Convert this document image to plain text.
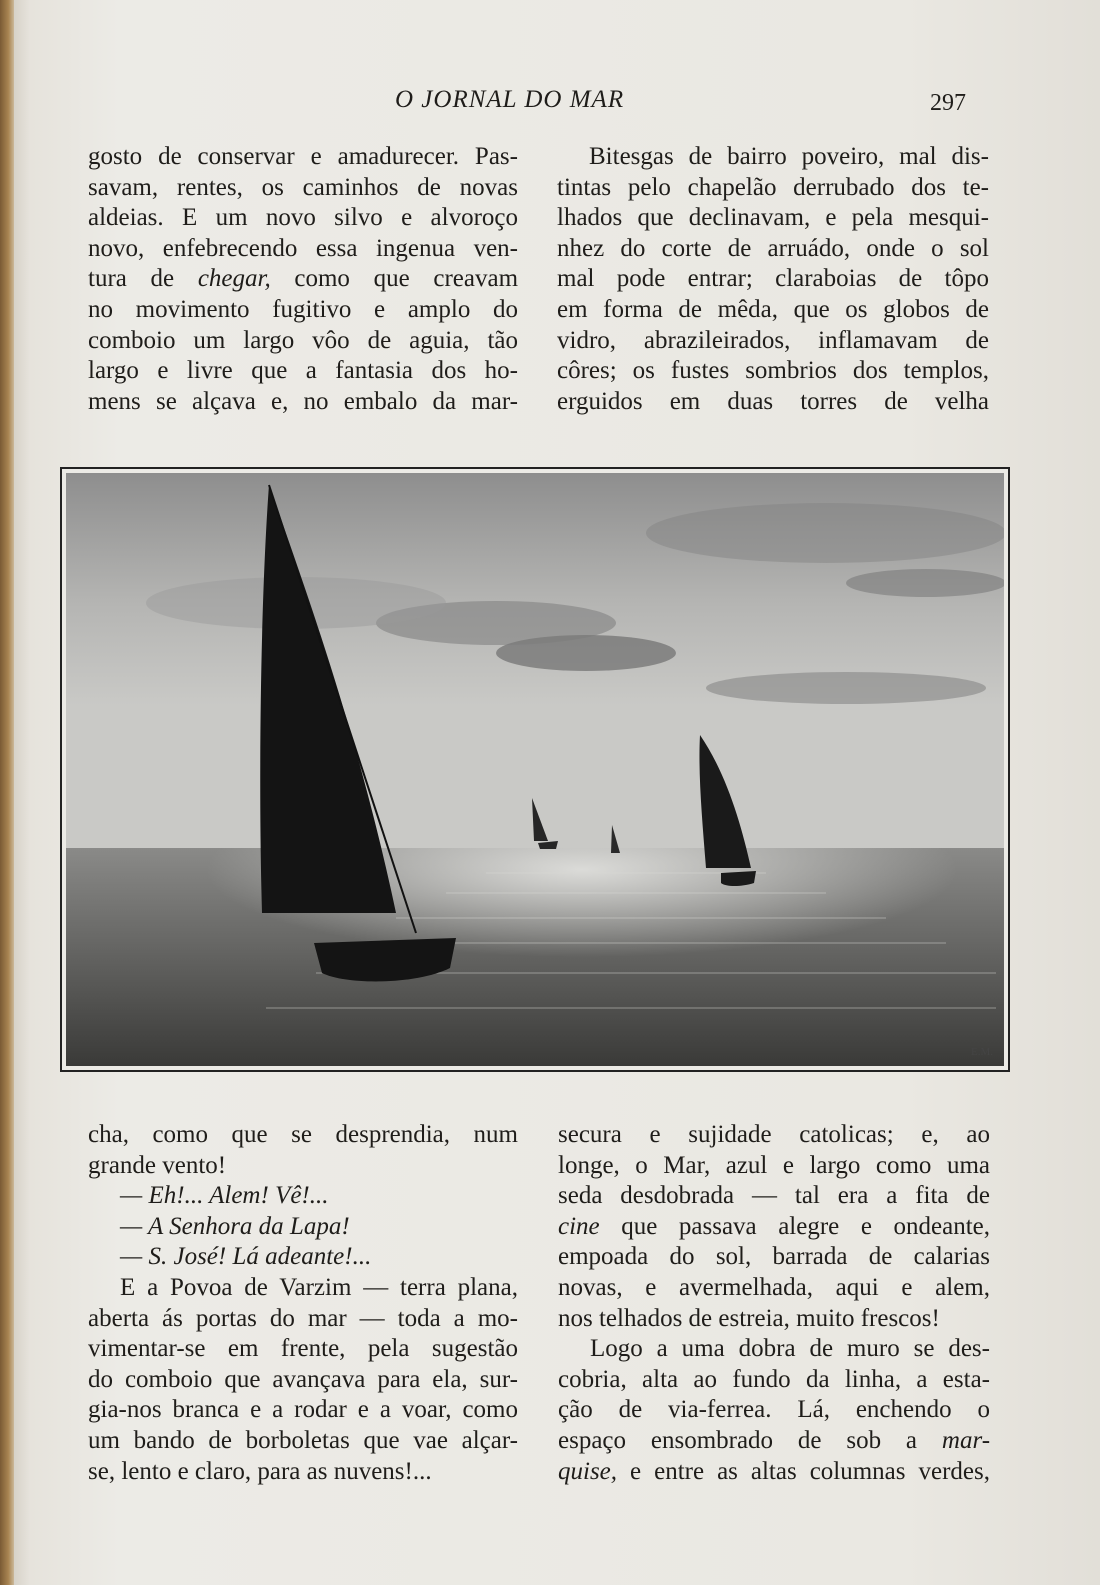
O JORNAL DO MAR	297

gosto de conservar e amadurecer. Pas-

savam, rentes, os caminhos de novas

aldeias. E um novo silvo e alvoroço

novo, enfebrecendo essa ingenua ven-

tura de chegar, como que creavam

no movimento fugitivo e amplo do

comboio um largo vôo de aguia, tão

largo e livre que a fantasia dos ho-

mens se alçava e, no embalo da mar-

Bitesgas de bairro poveiro, mal dis-

tintas pelo chapelão derrubado dos te-

lhados que declinavam, e pela mesqui-

nhez do corte de arruádo, onde o sol

mal pode entrar; claraboias de tôpo

em forma de mêda, que os globos de

vidro, abrazileirados, inflamavam de

côres; os fustes sombrios dos templos,

erguidos em duas torres de velha

E.M.

cha, como que se desprendia, num

grande vento!

— Eh!... Alem! Vê!...

— A Senhora da Lapa!

— S. José! Lá adeante!...

E a Povoa de Varzim — terra plana,

aberta ás portas do mar — toda a mo-

vimentar-se em frente, pela sugestão

do comboio que avançava para ela, sur-

gia-nos branca e a rodar e a voar, como

um bando de borboletas que vae alçar-

se, lento e claro, para as nuvens!...

secura e sujidade catolicas; e, ao

longe, o Mar, azul e largo como uma

seda desdobrada — tal era a fita de

cine que passava alegre e ondeante,

empoada do sol, barrada de calarias

novas, e avermelhada, aqui e alem,

nos telhados de estreia, muito frescos!

Logo a uma dobra de muro se des-

cobria, alta ao fundo da linha, a esta-

ção de via-ferrea. Lá, enchendo o

espaço ensombrado de sob a mar-

quise, e entre as altas columnas verdes,
